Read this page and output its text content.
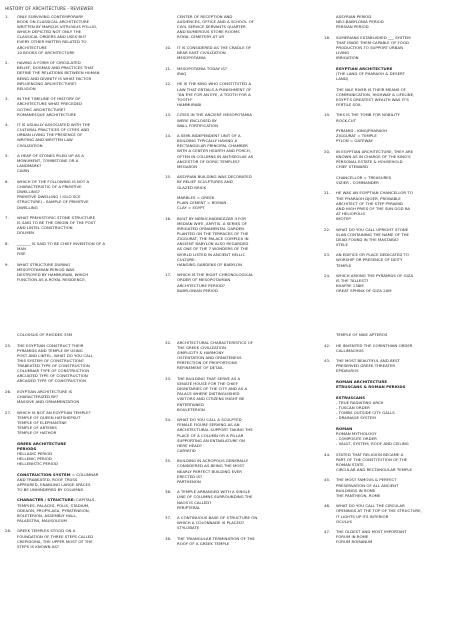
HISTORY OF ARCHITECTURE - REVIEWER
1.	ONLY SURVIVING CONTEMPORARY
BOOK ON CLASSICAL ARCHITECTURE
WRITTEN BY MARCUS VITRUVIUS POLLIO,
WHICH DEPICTED NOT ONLY THE
CLASSICAL ORDERS AND USES BUT
EVERY OTHER MATTER RELATED TO
ARCHITECTURE
10 BOOKS OF ARCHITECTURE
2.	HAVING A FORM OF CIRCULATED
BELIEF, DOGMAS AND PRACTICES THAT
DEFINE THE RELATIONS BETWEEN HUMAN
BEING AND DIVINITY IS WHAT FACTOR
INFLUENCING ARCHITECTURE?
RELIGION
3.	IN THE TIMELINE OF HISTORY OF
ARCHITECTURE WHAT PRECEDED
GOTHIC ARCHITECTURE?
ROMANESQUE ARCHITECTURE
4.	IT IS USUALLY ASSOCIATED WITH THE
CULTURAL PRACTICES OF CITIES AND
URBAN LIVING THE PRESENCE OF
WRITING AND WRITTEN LAW
CIVILIZATION
5.	A HEAP OF STONES PILED UP AS A
MONUMENT, TOMBSTONE OR A
LANDMARK?
CAIRN
6.	WHICH OF THE FOLLOWING IS NOT A
CHARACTERISTIC OF A PRIMITIVE
DWELLING?
PRIMITIVE DWELLING ! IGLO SCE
STRUCTURE) - SAMPLE OF PRIMITIVE
DWELLING
7.	WHAT PREHISTORIC STONE STRUCTURE
IS SAID TO BE THE ORIGIN OF THE POST
AND LINTEL CONSTRUCTION
DOLMEN
8.	_______ IS SAID TO BE CHIEF INVENTION OF A
MAN
FIRE
9.	WHAT STRUCTURE DURING
MESOPOTAMIAN PERIOD WAS
DESTROYED BY HAMMURABI, WHICH
FUNCTION AS A ROYAL RESIDENCE,
CENTER OF RECEPTION AND
AUDIENCES, OFFICE AND A SCHOOL OF
CIVIL SERVICE SERVANTS QUARTER
AND NUMEROUS STORE ROOMS
ROYAL CEMETERY AT UR
10.	IT IS CONSIDERED AS THE CRADLE OF
NEAR EAST CIVILIZATION
MESOPOTAMIA
11.	MESOPOTAMIA TODAY IS?
IRAQ
12.	HE IS THE KING WHO CONSTITUTED A
LAW THAT ENTAILS A PUNISHMENT OF
"AN EYE FOR AN EYE, A TOOTH FOR A
TOOTH"
HAMMURABI
13.	CITIES IN THE ANCIENT MESOPOTAMIA
WERE ENCLOSED BY
WALL FORTIFICATION
14.	A SEMI-INDEPENDENT UNIT OF A
BUILDING TYPICALLY HAVING A
RECTANGULAR PRINCIPAL CHAMBER
WITH A CENTER HEARTH AND PORCH,
OFTEN IN COLUMNS IN ANTISEOLAE AS
ANCESTOR OF DORIC TEMPLES?
MEGARON
15.	ASSYRIAN BUILDING WAS DECORATED
BY RELIEF SCULPTURES AND
GLAZED BRICK
MARBLES = GREEK
PLAIN CEMENT = ROMAN
CLAY = EGYPT
16.	BUILT BY NEBUCHADNEZZAR II FOR
MEDIAN WIFE, AMYTIS. A SERIES OF
IRRIGATED ORNAMENTAL GARDEN
PLANTED ON THE TERRACES OF THE
ZIGGURAT, THE PALACE COMPLEX IN
ANCIENT BABYLON ALSO REGARDED
AS ONE OF THE 7 WONDERS OF THE
WORLD LISTED IN ANCIENT HELLIC
CULTURE.
HANGING GARDENS OF BABYLON
17.	WHICH IS THE RIGHT CHRONOLOGICAL
ORDER OF MESOPOTAMIAN
ARCHITECTURE PERIOD?
BABYLONIAN PERIOD
ASSYRIAN PERIOD
NEO-BABYLONIA PERIOD
PERSIAN PERIOD
18.	SUMERIANS ESTABLISHED ___ SYSTEM
THAT MADE THEM CAPABLE OF FOOD
PRODUCTION TO SUPPORT URBAN
LIVING
IRRIGATION
EGYPTIAN ARCHITECTURE
(THE LAND OF PHARAOH & DESERT
LAND)
THE NILE RIVER IS THEIR MEANS OF
COMMUNICATION, HIGHWAY & LIFELINE,
EGYPT'S GREATEST WEALTH WAS IT'S
FERTILE SOIL
19.	THIS IS THE TOMB FOR NOBILITY
ROCK-CUT
PYRAMID - KING/PHARAOH
ZIGGURAT = TEMPLE
PYLON = GATEWAY
20.	IN EGYPTIAN ARCHITECTURE, THEY ARE
KNOWN AS IN CHARGE OF THE KING'S
PERSONAL ESTATE & HOUSEHOLD
CHIEF STEWARD
CHANCELLOR = TREASURES
VIZIER - COMMANDER
21.	HE WAS AN EGYPTIAN CHANCELLOR TO
THE PHARAOH DJOER, PROBABLE
ARCHITECT OF THE STEP PYRAMID
AND HIGH PRIES OF THE SUN GOD RA
AT HELIOPOLIS
IMOTEP
22.	WHAT DO YOU CALL UPRIGHT STONE
SLAB CONTAINING THE NAME OF THE
DEAD FOUND IN THE MASTABA?
STELE
23.	AN EDIFICE OR PLACE DEDICATED TO
WORSHIP OR PRESENCE OF DEITY
TEMPLE
24.	WHICH AMONG THE PYRAMIDS OF GIZA
IS THE TALLEST?
KHAFRE 136M
GREAT SPHINX OF GIZA 20M
COLOSSUS OF RHODES 33M
25.	THE EGYPTIAN CONSTRUCT THEIR
PYRAMIDS AND TEMPLE BY USING
POST AND LINTEL. WHAT DO YOU CALL
THIS SYSTEM OF CONSTRUCTION?
TRABEATED TYPE OF CONSTRUCTION
COLUMNAR TYPE OF CONSTRUCTION
ARCUATED TYPE OF CONSTRUCTION
ARCADED TYPE OF CONSTRUCTION
26.	EGYPTIAN ARCHITECTURE IS
CHARACTERIZED BY?
MASSIVE AND ORNAMENTATION
27.	WHICH IS NOT AN EGYPTIAN TEMPLE?
TEMPLE OF QUEEN HATSHEPSUT
TEMPLE OF ELEPHANTINE
TEMPLE OF ARTEMIS
TEMPLE OF HATHOR
GREEK ARCHITECTURE
PERIODS
HELLADIC PERIOD
HELLENIC PERIOD
HELLENISTIC PERIOD
CONSTRUCTION SYSTEM = COLUMNAR
AND TRABEATED, ROOF TRUSS
APPEARED, ENABLING LARGE SPACES
TO BE UNHINDERED BY COLUMNS
CHARACTER / STRUCTURE: CAPITALS,
TEMPLES, PALACES, POLIS, STADIUM,
ODEAON, PROPYLAEA, PYRATENEION,
BOLETERION, ASSEMBLY HALL,
PALAESTRA, MAUSOLEUM
28.	GREEK TEMPLES STOOD ON A
FOUNDATION OF THREE STEPS CALLED
CREPIDOMA, THE UPPER MOST OF THE
STEPS IS KNOWN AS?
32.	ARCHITECTURAL CHARACTERISTICS OF
THE GREEK CIVILIZATION
SIMPLICITY & HARMONY
OSTENTATION AND ORNATENESS
PERFECTION OF PROPORTIONS
REFINEMENT OF DETAIL
33.	THE BUILDING THAT SERVE AS A
SENATE HOUSE FOR THE CHIEF
DIGNITARIES OF THE CITY AND AS A
PALACE WHERE DISTINGUISHED
VISITORS AND CITIZENS MIGHT BE
ENTERTAINED
BOULETERION
34.	WHAT DO YOU CALL A SCULPTED
FEMALE FIGURE SERVING AS AN
ARCHITECTURAL SUPPORT TAKING THE
PLACE OF A COLUMN OR A PILLAR
SUPPORTING AN ENTABLATURE ON
HERE HEAD?
CARYATID
35.	BUILDING IN ACROPOLIS GENERALLY
CONSIDERED AS BEING THE MOST
NEARLY PERFECT BUILDING EVER
ERECTED IS?
PARTHENON
36.	A TEMPLE ARRANGED WITH A SINGLE
LINE OF COLUMNS SURROUNDING THE
NAOS IS CALLED?
PERIPTERAL
37.	A CONTINUOUS BASE OF STRUCTURE ON
WHICH A COLONNADE IS PLACED?
STYLOBATE
38.	THE TRIANGULAR TERMINATION OF THE
ROOF OF A GREEK TEMPLE
TEMPLE OF NIKE APTEROS
42.	HE INVENTED THE CORINTHIAN ORDER
CALLIMACHUS
43.	THE MOST BEAUTIFUL AND BEST
PRESERVED GREEK THREATER
EPIDAUROS
ROMAN ARCHITECTURE
ETRUSCANS & ROMAN PERIODS
ESTRUSCANS
- TRUE RADIATING ARCH
- TUSCAN ORDER
- TOMBS OUTSIDE CITY GALLS
- DRAINAGE SYSTEM
ROMAN
ROMAN MYTHOLOGY
- COMPOSITE ORDER
- VAULT, SYSTEM, ROOF AND CEILING
44.	STATED THAT RELIGION BECAME A
PART OF THE CONSTITUTION OF THE
ROMAN STATE
CIRCULAR AND RECTANGULAR TEMPLE
45.	THE MOST FAMOUS & PERFECT
PRESERVATION OF ALL ANCIENT
BUILDINGS IN ROME
THE PANTHEON, ROME
46.	WHAT DO YOU CALL THE CIRCULAR
OPENINGS AT THE TOP OF THE STRUCTURE,
IT LIGHTS UP ITS INTERIOR
OCULUS
47.	THE OLDEST AND MOST IMPORTANT
FORUM IN ROME
FORUM ROMANUM
